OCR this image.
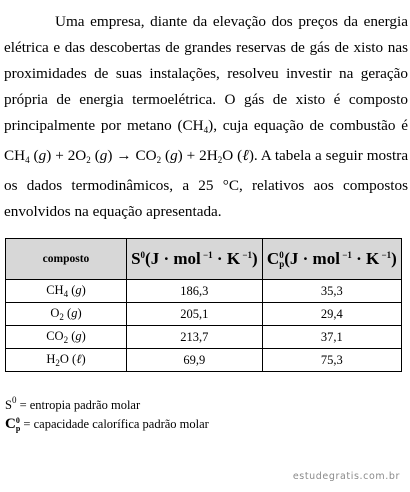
Uma empresa, diante da elevação dos preços da energia
elétrica e das descobertas de grandes reservas de gás de xisto nas
proximidades de suas instalações, resolveu investir na geração
própria de energia termoelétrica. O gás de xisto é composto
principalmente por metano $(CH_4)$, cuja equação de combustão é
$CH_4$ $(g) + 2O_2$ $(g) \to CO_2$ $(g) + 2H_2O$ (ℓ). A tabela a seguir mostra
os dados termodinâmicos, a 25 °C, relativos aos compostos
envolvidos na equação apresentada.
composto	$S^0(J$ · mol $^{-1}$ · K $^{-1}$)	C 0
p (J · mol $^{-1}$ · K $^{-1}$)
$CH_4$ (g)	186,3	35,3
$O_2$ (g)	205,1	29,4
$CO_2$ (g)	213,7	37,1
$H_2O$ (ℓ)	69,9	75,3
$S^0$ = entropia padrão molar
C 0
p = capacidade calorífica padrão molar
estudegratis.com.br
